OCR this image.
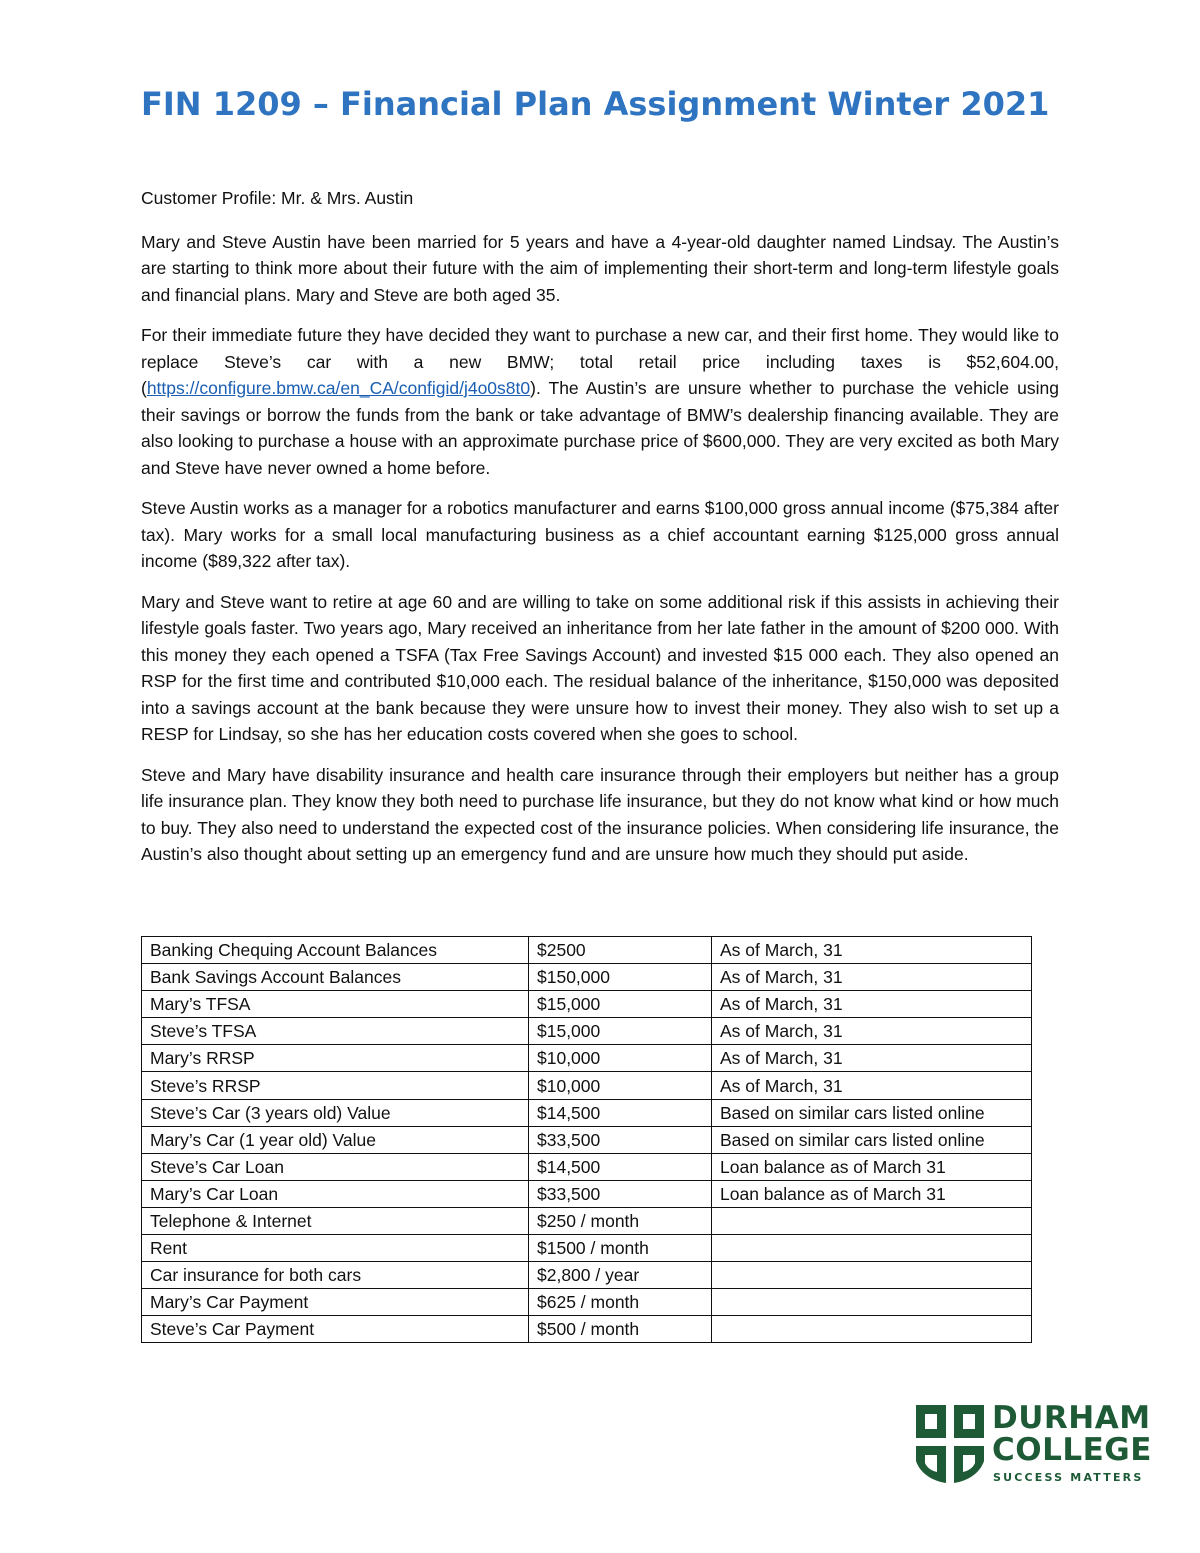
FIN 1209 – Financial Plan Assignment Winter 2021

Customer Profile: Mr. & Mrs. Austin

Mary and Steve Austin have been married for 5 years and have a 4-year-old daughter named Lindsay. The Austin’s are starting to think more about their future with the aim of implementing their short-term and long-term lifestyle goals and financial plans. Mary and Steve are both aged 35.

For their immediate future they have decided they want to purchase a new car, and their first home. They would like to replace Steve’s car with a new BMW; total retail price including taxes is $52,604.00, (https://configure.bmw.ca/en_CA/configid/j4o0s8t0). The Austin’s are unsure whether to purchase the vehicle using their savings or borrow the funds from the bank or take advantage of BMW’s dealership financing available. They are also looking to purchase a house with an approximate purchase price of $600,000. They are very excited as both Mary and Steve have never owned a home before.

Steve Austin works as a manager for a robotics manufacturer and earns $100,000 gross annual income ($75,384 after tax). Mary works for a small local manufacturing business as a chief accountant earning $125,000 gross annual income ($89,322 after tax).

Mary and Steve want to retire at age 60 and are willing to take on some additional risk if this assists in achieving their lifestyle goals faster. Two years ago, Mary received an inheritance from her late father in the amount of $200 000. With this money they each opened a TSFA (Tax Free Savings Account) and invested $15 000 each. They also opened an RSP for the first time and contributed $10,000 each. The residual balance of the inheritance, $150,000 was deposited into a savings account at the bank because they were unsure how to invest their money. They also wish to set up a RESP for Lindsay, so she has her education costs covered when she goes to school.

Steve and Mary have disability insurance and health care insurance through their employers but neither has a group life insurance plan. They know they both need to purchase life insurance, but they do not know what kind or how much to buy. They also need to understand the expected cost of the insurance policies. When considering life insurance, the Austin’s also thought about setting up an emergency fund and are unsure how much they should put aside.

Banking Chequing Account Balances	$2500	As of March, 31
Bank Savings Account Balances	$150,000	As of March, 31
Mary’s TFSA	$15,000	As of March, 31
Steve’s TFSA	$15,000	As of March, 31
Mary’s RRSP	$10,000	As of March, 31
Steve’s RRSP	$10,000	As of March, 31
Steve’s Car (3 years old) Value	$14,500	Based on similar cars listed online
Mary’s Car (1 year old) Value	$33,500	Based on similar cars listed online
Steve’s Car Loan	$14,500	Loan balance as of March 31
Mary’s Car Loan	$33,500	Loan balance as of March 31
Telephone & Internet	$250 / month	
Rent	$1500 / month	
Car insurance for both cars	$2,800 / year	
Mary’s Car Payment	$625 / month	
Steve’s Car Payment	$500 / month	
DURHAM
COLLEGE
SUCCESS MATTERS
